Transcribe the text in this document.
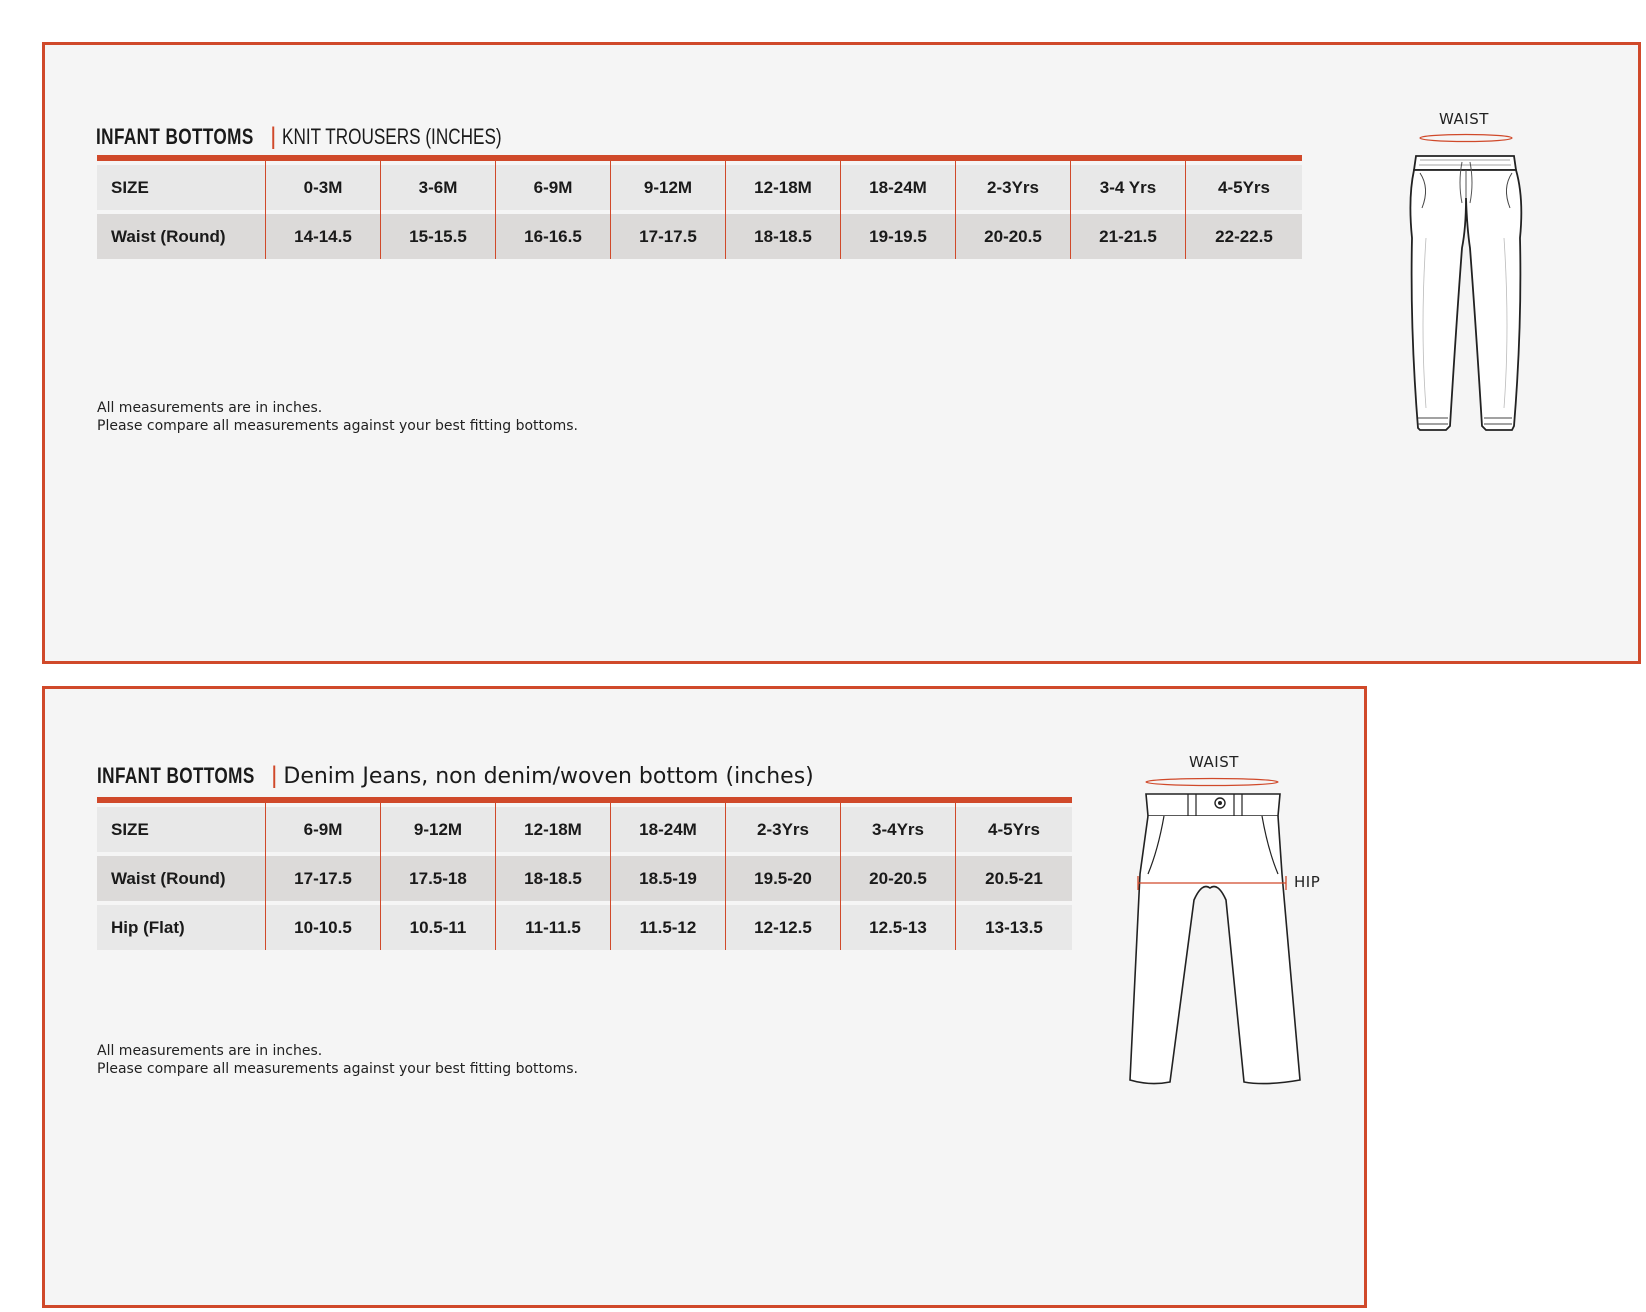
INFANT BOTTOMS | KNIT TROUSERS (INCHES)

SIZE	0-3M	3-6M	6-9M	9-12M	12-18M	18-24M	2-3Yrs	3-4 Yrs	4-5Yrs

Waist (Round)	14-14.5	15-15.5	16-16.5	17-17.5	18-18.5	19-19.5	20-20.5	21-21.5	22-22.5
All measurements are in inches.
Please compare all measurements against your best fitting bottoms.
WAIST
INFANT BOTTOMS | Denim Jeans, non denim/woven bottom (inches)

SIZE	6-9M	9-12M	12-18M	18-24M	2-3Yrs	3-4Yrs	4-5Yrs

Waist (Round)	17-17.5	17.5-18	18-18.5	18.5-19	19.5-20	20-20.5	20.5-21

Hip (Flat)	10-10.5	10.5-11	11-11.5	11.5-12	12-12.5	12.5-13	13-13.5
All measurements are in inches.
Please compare all measurements against your best fitting bottoms.
WAIST
HIP
